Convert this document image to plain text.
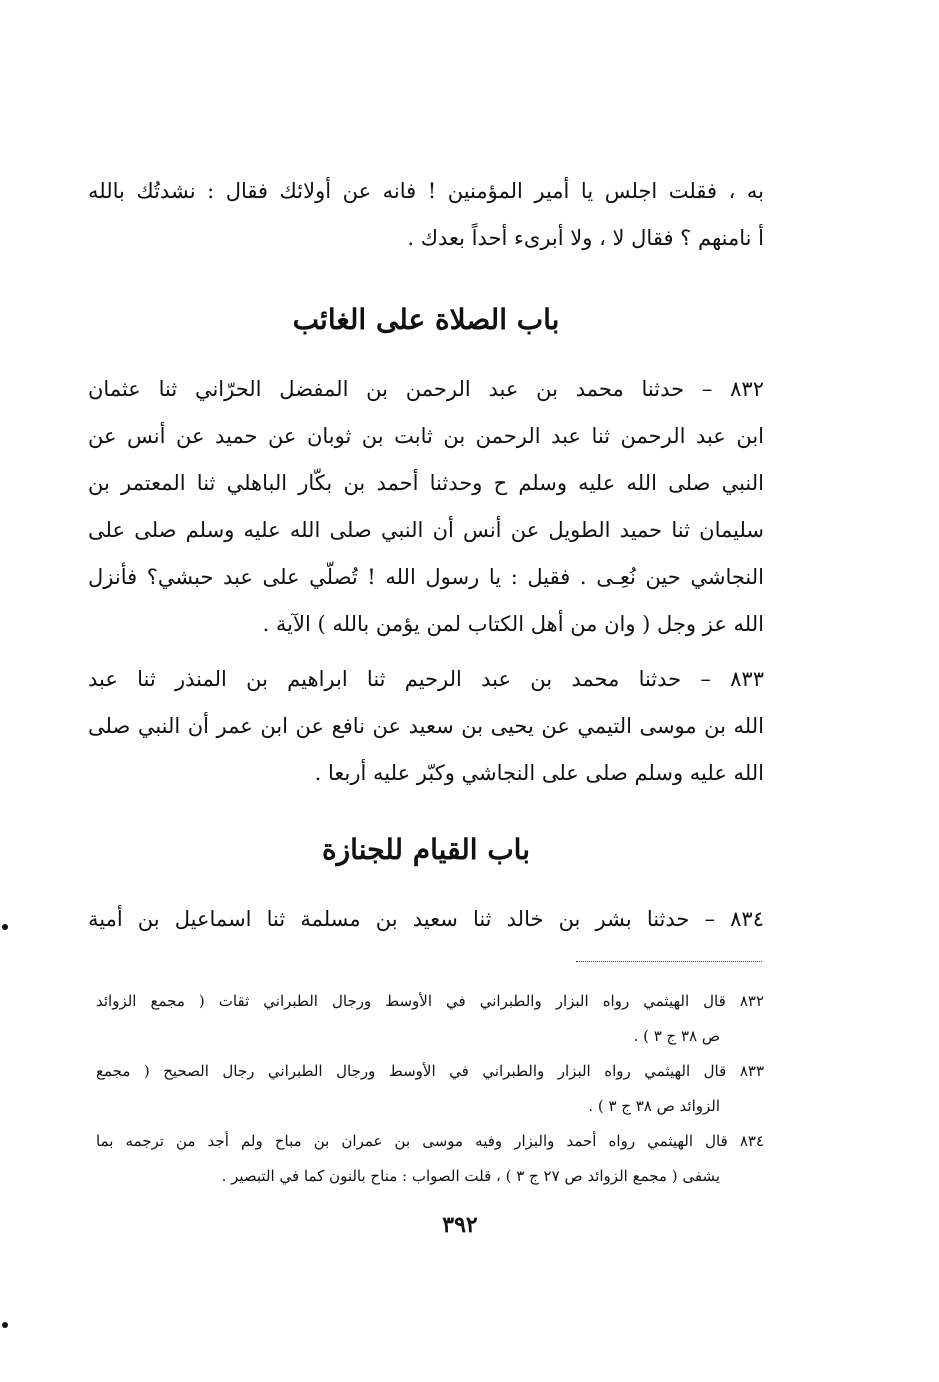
به ، فقلت اجلس يا أمير المؤمنين ! فانه عن أولائك فقال : نشدتُك بالله
أ نامنهم ؟ فقال لا ، ولا أبرىء أحداً بعدك .
باب الصلاة على الغائب
٨٣٢ – حدثنا محمد بن عبد الرحمن بن المفضل الحرّاني ثنا عثمان
ابن عبد الرحمن ثنا عبد الرحمن بن ثابت بن ثوبان عن حميد عن أنس عن
النبي صلى الله عليه وسلم ح وحدثنا أحمد بن بكّار الباهلي ثنا المعتمر بن
سليمان ثنا حميد الطويل عن أنس أن النبي صلى الله عليه وسلم صلى على
النجاشي حين نُعِـى . فقيل : يا رسول الله ! تُصلّي على عبد حبشي؟ فأنزل
الله عز وجل ( وان من أهل الكتاب لمن يؤمن بالله ) الآية .
٨٣٣ – حدثنا محمد بن عبد الرحيم ثنا ابراهيم بن المنذر ثنا عبد
الله بن موسى التيمي عن يحيى بن سعيد عن نافع عن ابن عمر أن النبي صلى
الله عليه وسلم صلى على النجاشي وكبّر عليه أربعا .
باب القيام للجنازة
٨٣٤ – حدثنا بشر بن خالد ثنا سعيد بن مسلمة ثنا اسماعيل بن أمية
٨٣٢ قال الهيثمي رواه البزار والطبراني في الأوسط ورجال الطبراني ثقات ( مجمع الزوائد
ص ٣٨ ج ٣ ) .
٨٣٣ قال الهيثمي رواه البزار والطبراني في الأوسط ورجال الطبراني رجال الصحيح ( مجمع
الزوائد ص ٣٨ ج ٣ ) .
٨٣٤ قال الهيثمي رواه أحمد والبزار وفيه موسى بن عمران بن مباح ولم أجد من ترجمه بما
يشفى ( مجمع الزوائد ص ٢٧ ج ٣ ) ، قلت الصواب : مناح بالنون كما في التبصير .
٣٩٢
